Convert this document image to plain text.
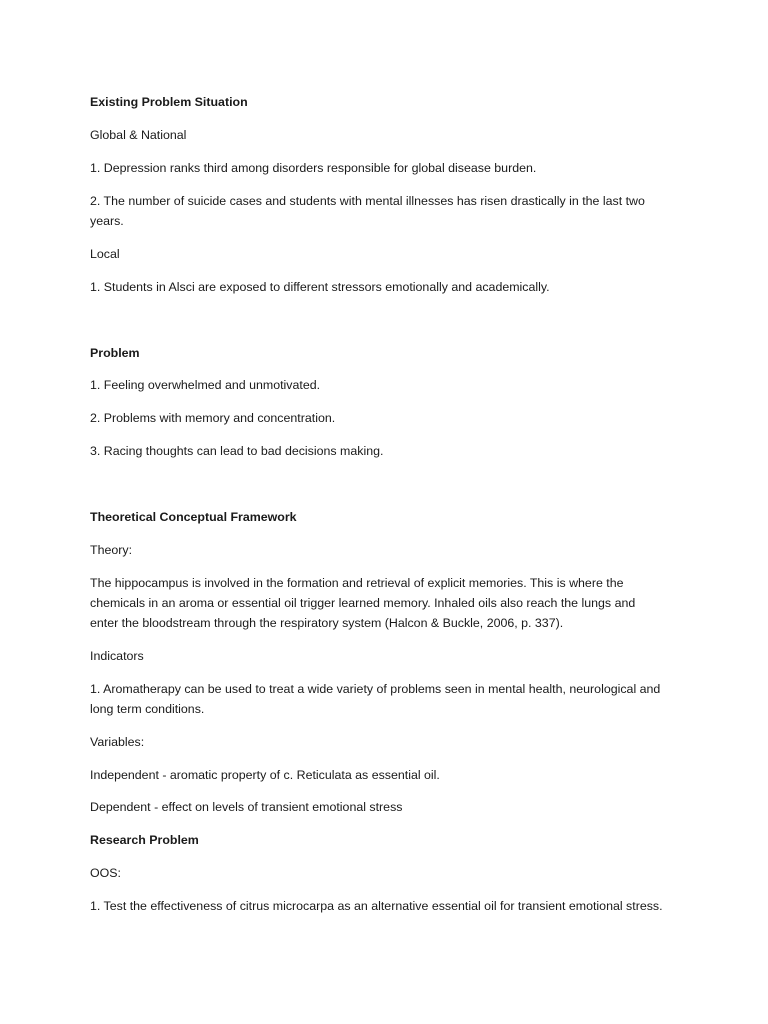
Existing Problem Situation
Global & National
1. Depression ranks third among disorders responsible for global disease burden.
2. The number of suicide cases and students with mental illnesses has risen drastically in the last two
years.
Local
1. Students in Alsci are exposed to different stressors emotionally and academically.
Problem
1. Feeling overwhelmed and unmotivated.
2. Problems with memory and concentration.
3. Racing thoughts can lead to bad decisions making.
Theoretical Conceptual Framework
Theory:
The hippocampus is involved in the formation and retrieval of explicit memories. This is where the
chemicals in an aroma or essential oil trigger learned memory. Inhaled oils also reach the lungs and
enter the bloodstream through the respiratory system (Halcon & Buckle, 2006, p. 337).
Indicators
1. Aromatherapy can be used to treat a wide variety of problems seen in mental health, neurological and
long term conditions.
Variables:
Independent - aromatic property of c. Reticulata as essential oil.
Dependent - effect on levels of transient emotional stress
Research Problem
OOS:
1. Test the effectiveness of citrus microcarpa as an alternative essential oil for transient emotional stress.
